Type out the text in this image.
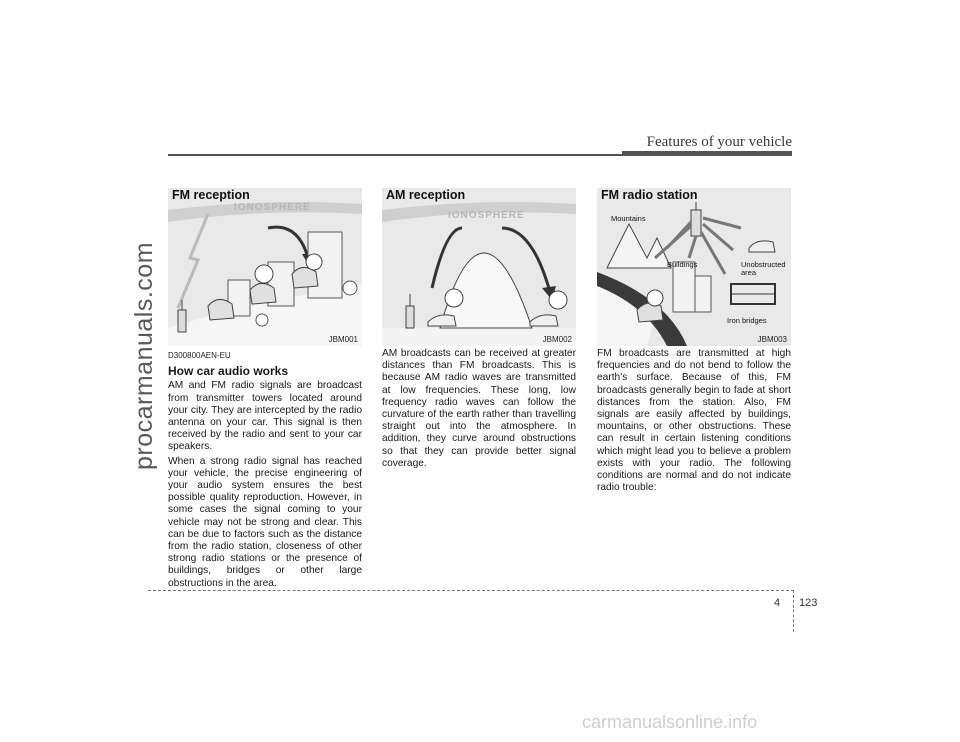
Features of your vehicle
procarmanuals.com
FM reception
IONOSPHERE
JBM001
AM reception
IONOSPHERE
JBM002
FM radio station
Mountains
Buildings	Unobstructed
area
Iron bridges
JBM003
D300800AEN-EU
How car audio works

AM and FM radio signals are broadcast from transmitter towers located around your city. They are intercepted by the radio antenna on your car. This signal is then received by the radio and sent to your car speakers.

When a strong radio signal has reached your vehicle, the precise engineering of your audio system ensures the best possible quality reproduction. However, in some cases the signal coming to your vehicle may not be strong and clear. This can be due to factors such as the distance from the radio station, closeness of other strong radio stations or the presence of buildings, bridges or other large obstructions in the area.

AM broadcasts can be received at greater distances than FM broadcasts. This is because AM radio waves are transmitted at low frequencies. These long, low frequency radio waves can follow the curvature of the earth rather than travelling straight out into the atmosphere. In addition, they curve around obstructions so that they can provide better signal coverage.

FM broadcasts are transmitted at high frequencies and do not bend to follow the earth's surface. Because of this, FM broadcasts generally begin to fade at short distances from the station. Also, FM signals are easily affected by buildings, mountains, or other obstructions. These can result in certain listening conditions which might lead you to believe a problem exists with your radio. The following conditions are normal and do not indicate radio trouble:

4 123
carmanualsonline.info
